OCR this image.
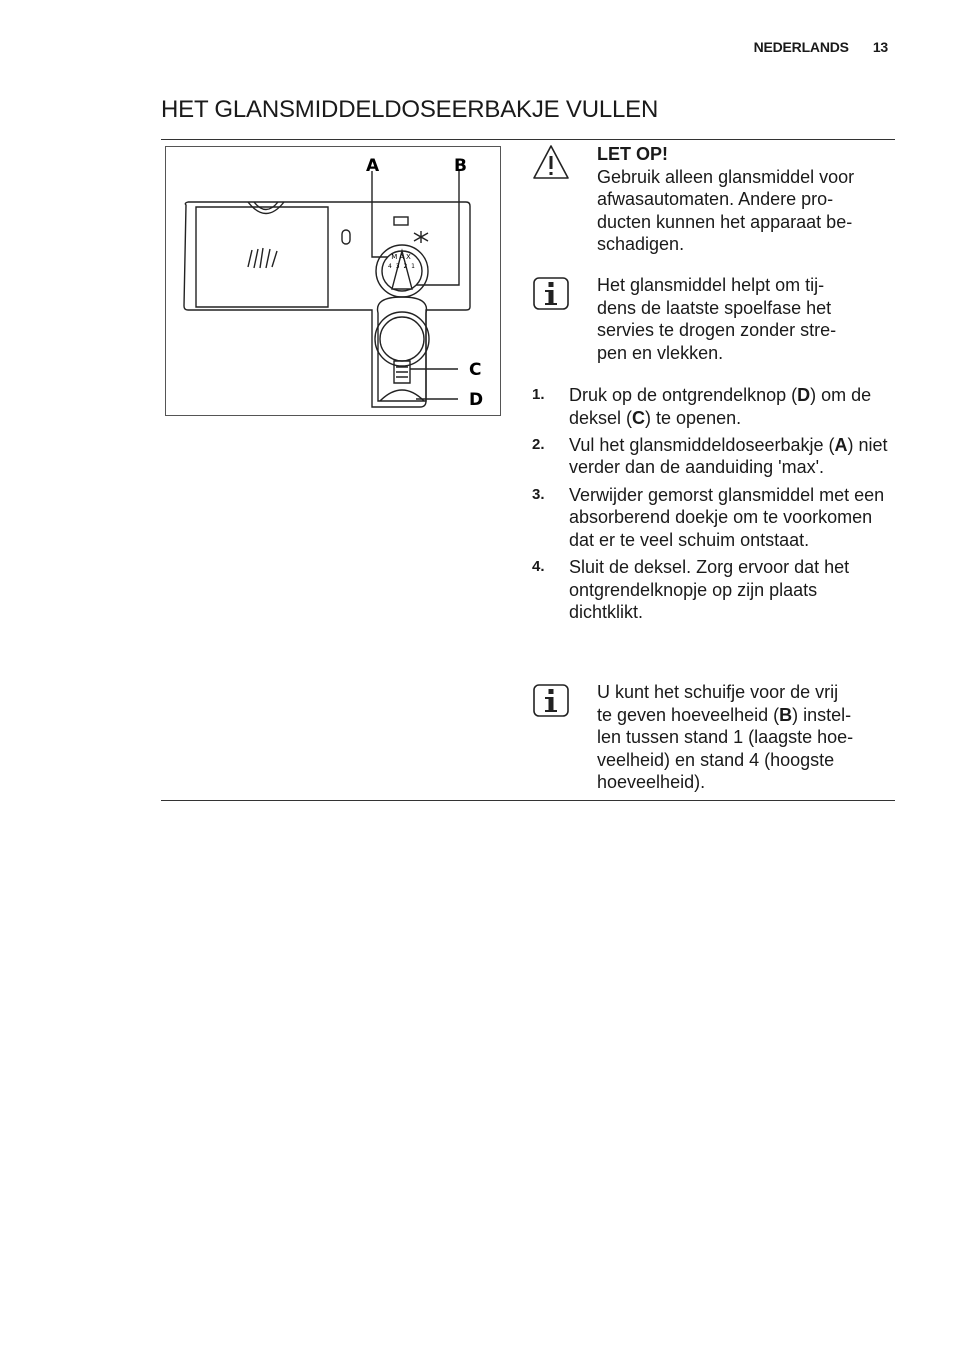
NEDERLANDS 13
HET GLANSMIDDELDOSEERBAKJE VULLEN
MAX
4 3 2 1
A	B
C
D
LET OP!
Gebruik alleen glansmiddel voor
afwasautomaten. Andere pro-
ducten kunnen het apparaat be-
schadigen.
Het glansmiddel helpt om tij-
dens de laatste spoelfase het
servies te drogen zonder stre-
pen en vlekken.
1.	Druk op de ontgrendelknop (D) om de deksel (C) te openen.
2.	Vul het glansmiddeldoseerbakje (A) niet verder dan de aanduiding 'max'.
3.	Verwijder gemorst glansmiddel met een absorberend doekje om te voorkomen dat er te veel schuim ontstaat.
4.	Sluit de deksel. Zorg ervoor dat het ontgrendelknopje op zijn plaats dichtklikt.
U kunt het schuifje voor de vrij
te geven hoeveelheid (B) instel-
len tussen stand 1 (laagste hoe-
veelheid) en stand 4 (hoogste
hoeveelheid).
